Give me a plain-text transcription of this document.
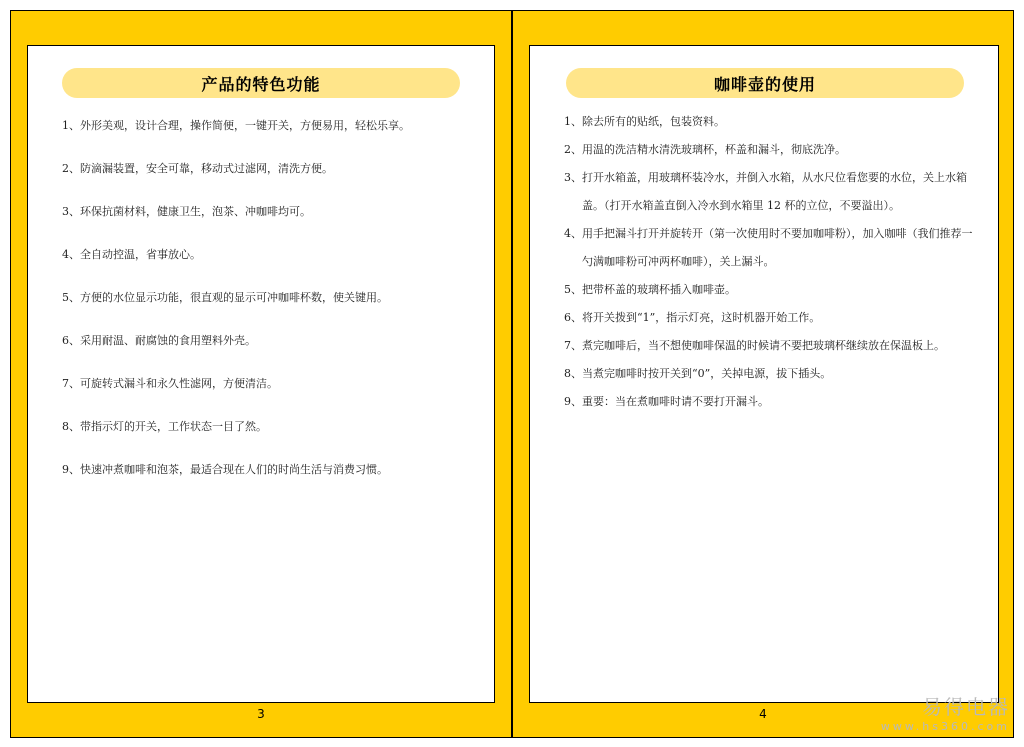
产品的特色功能
1、外形美观，设计合理，操作简便，一键开关，方便易用，轻松乐享。
2、防滴漏装置，安全可靠，移动式过滤网，清洗方便。
3、环保抗菌材料，健康卫生，泡茶、冲咖啡均可。
4、全自动控温，省事放心。
5、方便的水位显示功能，很直观的显示可冲咖啡杯数，使关键用。
6、采用耐温、耐腐蚀的食用塑料外壳。
7、可旋转式漏斗和永久性滤网，方便清洁。
8、带指示灯的开关，工作状态一目了然。
9、快速冲煮咖啡和泡茶，最适合现在人们的时尚生活与消费习惯。
咖啡壶的使用
1、除去所有的贴纸，包装资料。
2、用温的洗洁精水清洗玻璃杯，杯盖和漏斗，彻底洗净。
3、打开水箱盖，用玻璃杯装冷水，并倒入水箱，从水尺位看您要的水位，关上水箱盖。（打开水箱盖直倒入冷水到水箱里 12 杯的立位，不要溢出）。
4、用手把漏斗打开并旋转开（第一次使用时不要加咖啡粉），加入咖啡（我们推荐一勺满咖啡粉可冲两杯咖啡），关上漏斗。
5、把带杯盖的玻璃杯插入咖啡壶。
6、将开关拨到“1”，指示灯亮，这时机器开始工作。
7、煮完咖啡后，当不想使咖啡保温的时候请不要把玻璃杯继续放在保温板上。
8、当煮完咖啡时按开关到“0”，关掉电源，拔下插头。
9、重要：当在煮咖啡时请不要打开漏斗。
3	4	易得电器
www.hs360.com
